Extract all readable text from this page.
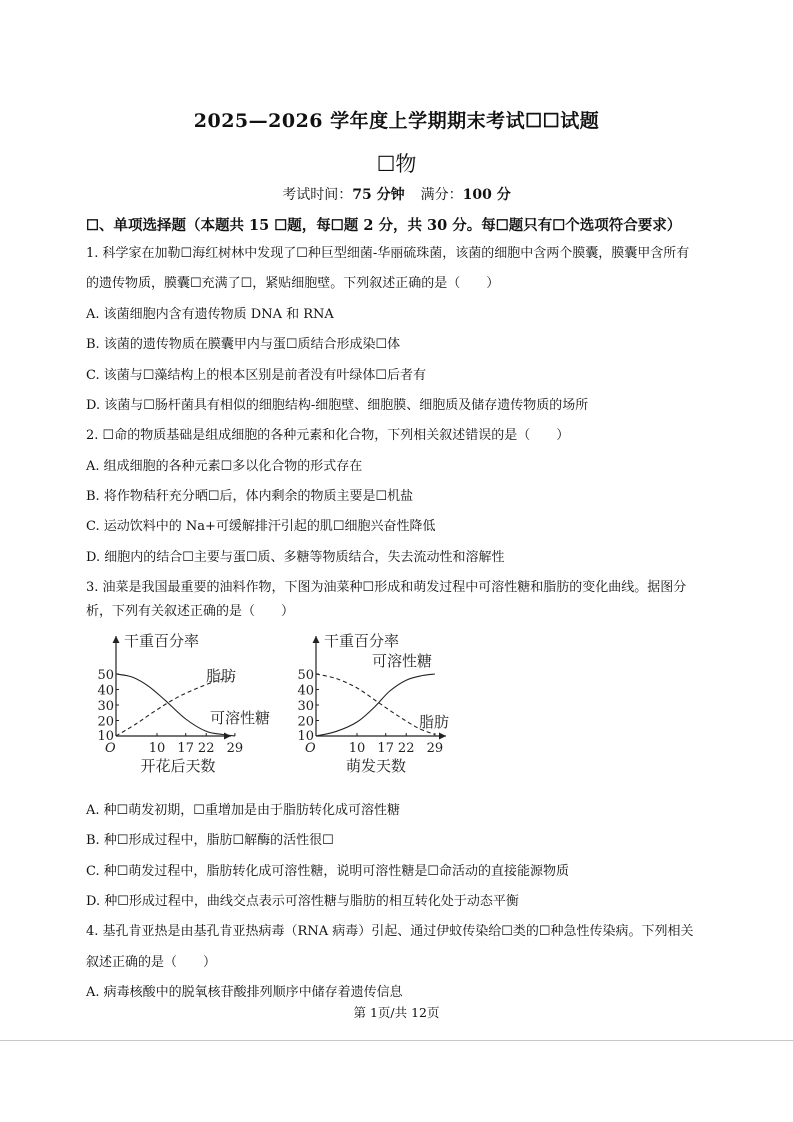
2025—2026 学年度上学期期末考试☐☐试题
☐物
考试时间：75 分钟 满分：100 分
☐、单项选择题（本题共 15 ☐题，每☐题 2 分，共 30 分。每☐题只有☐个选项符合要求）
1. 科学家在加勒☐海红树林中发现了☐种巨型细菌-华丽硫珠菌，该菌的细胞中含两个膜囊，膜囊甲含所有
的遗传物质，膜囊☐充满了☐，紧贴细胞壁。下列叙述正确的是（　　）
A. 该菌细胞内含有遗传物质 DNA 和 RNA
B. 该菌的遗传物质在膜囊甲内与蛋☐质结合形成染☐体
C. 该菌与☐藻结构上的根本区别是前者没有叶绿体☐后者有
D. 该菌与☐肠杆菌具有相似的细胞结构-细胞壁、细胞膜、细胞质及储存遗传物质的场所
2. ☐命的物质基础是组成细胞的各种元素和化合物，下列相关叙述错误的是（　　）
A. 组成细胞的各种元素☐多以化合物的形式存在
B. 将作物秸秆充分晒☐后，体内剩余的物质主要是☐机盐
C. 运动饮料中的 Na+可缓解排汗引起的肌☐细胞兴奋性降低
D. 细胞内的结合☐主要与蛋☐质、多糖等物质结合，失去流动性和溶解性
3. 油菜是我国最重要的油料作物，下图为油菜种☐形成和萌发过程中可溶性糖和脂肪的变化曲线。据图分
析，下列有关叙述正确的是（　　）
干重百分率
开花后天数
O
10
20
30
40
50
10 17 22 29
脂肪
可溶性糖
干重百分率
萌发天数
O
10
20
30
40
50
10 17 22 29
可溶性糖
脂肪
A. 种☐萌发初期，☐重增加是由于脂肪转化成可溶性糖
B. 种☐形成过程中，脂肪☐解酶的活性很☐
C. 种☐萌发过程中，脂肪转化成可溶性糖，说明可溶性糖是☐命活动的直接能源物质
D. 种☐形成过程中，曲线交点表示可溶性糖与脂肪的相互转化处于动态平衡
4. 基孔肯亚热是由基孔肯亚热病毒（RNA 病毒）引起、通过伊蚊传染给☐类的☐种急性传染病。下列相关
叙述正确的是（　　）
A. 病毒核酸中的脱氧核苷酸排列顺序中储存着遗传信息
第 1页/共 12页
